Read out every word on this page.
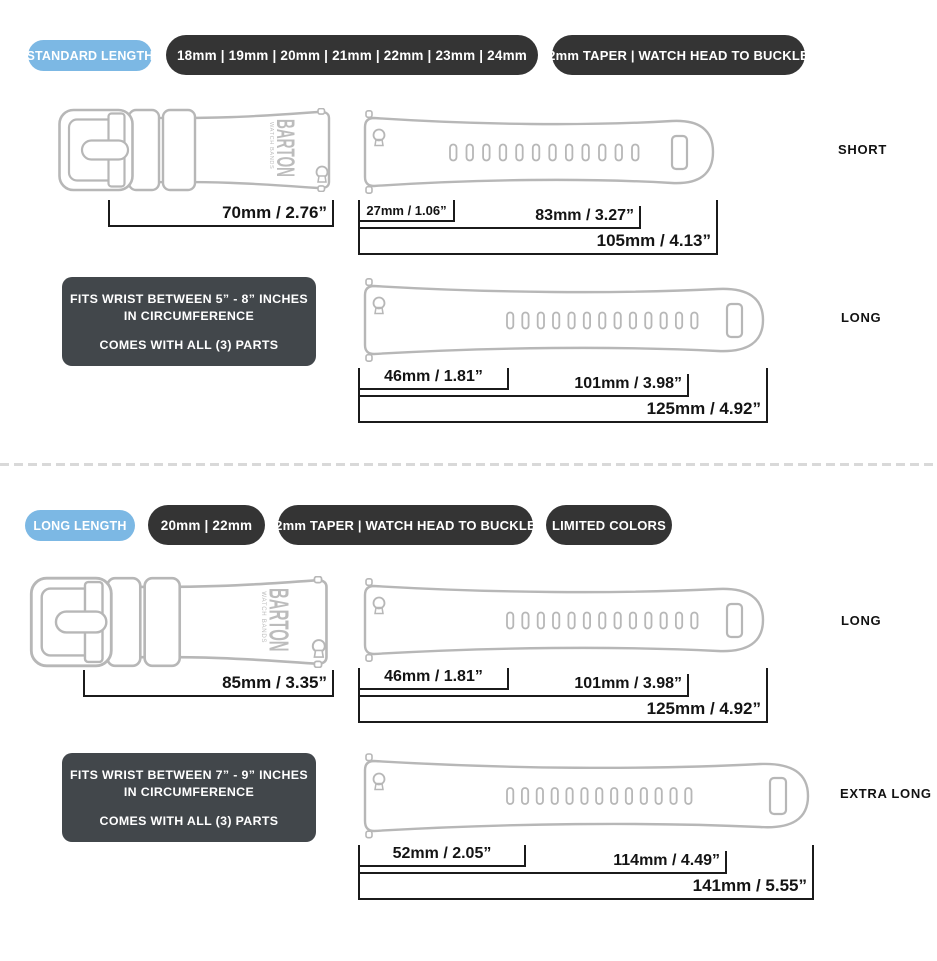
STANDARD LENGTH	18mm | 19mm | 20mm | 21mm | 22mm | 23mm | 24mm	2mm TAPER | WATCH HEAD TO BUCKLE
70mm / 2.76”
SHORT
27mm / 1.06”	83mm / 3.27”
105mm / 4.13”
FITS WRIST BETWEEN 5” - 8” INCHES
IN CIRCUMFERENCE
COMES WITH ALL (3) PARTS
LONG
46mm / 1.81”	101mm / 3.98”
125mm / 4.92”
LONG LENGTH	20mm | 22mm	2mm TAPER | WATCH HEAD TO BUCKLE	LIMITED COLORS
85mm / 3.35”
LONG
46mm / 1.81”	101mm / 3.98”
125mm / 4.92”
FITS WRIST BETWEEN 7” - 9” INCHES
IN CIRCUMFERENCE
COMES WITH ALL (3) PARTS
EXTRA LONG
52mm / 2.05”	114mm / 4.49”
141mm / 5.55”
